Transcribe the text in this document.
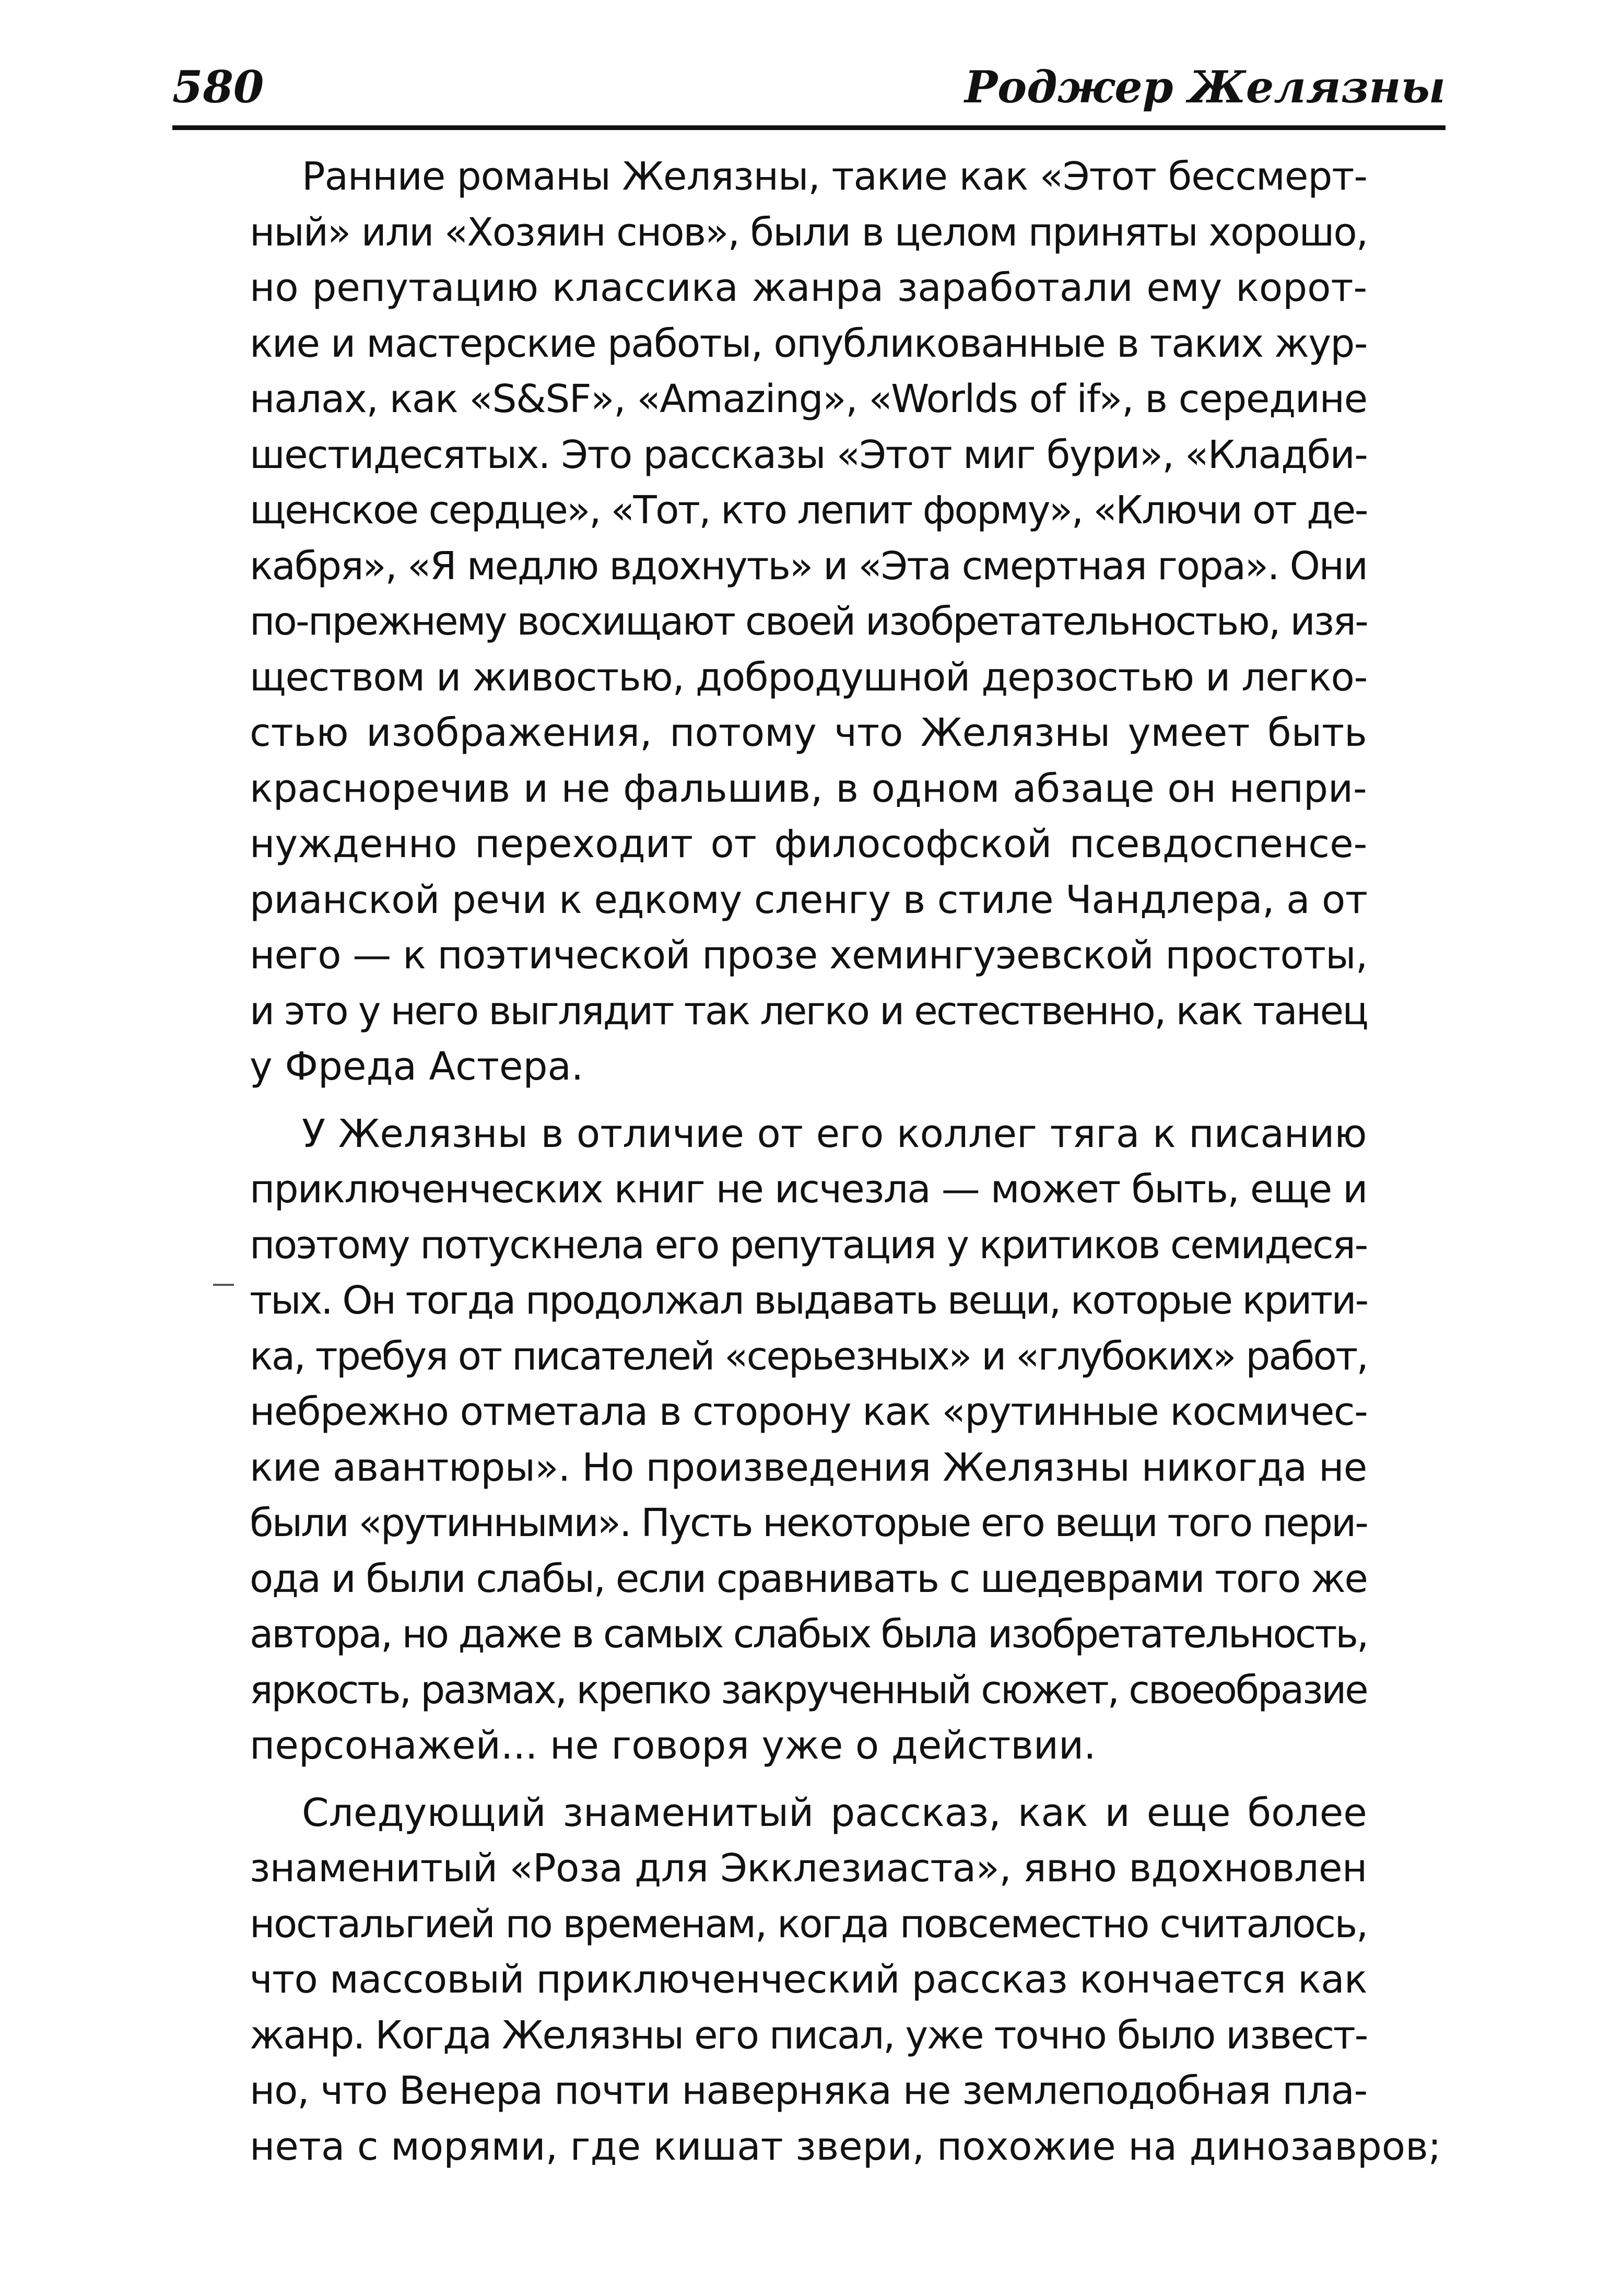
580	Роджер Желязны
Ранние романы Желязны, такие как «Этот бессмерт-
ный» или «Хозяин снов», были в целом приняты хорошо,
но репутацию классика жанра заработали ему корот-
кие и мастерские работы, опубликованные в таких жур-
налах, как «S&SF», «Amazing», «Worlds of if», в середине
шестидесятых. Это рассказы «Этот миг бури», «Кладби-
щенское сердце», «Тот, кто лепит форму», «Ключи от де-
кабря», «Я медлю вдохнуть» и «Эта смертная гора». Они
по-прежнему восхищают своей изобретательностью, изя-
ществом и живостью, добродушной дерзостью и легко-
стью изображения, потому что Желязны умеет быть
красноречив и не фальшив, в одном абзаце он непри-
нужденно переходит от философской псевдоспенсе-
рианской речи к едкому сленгу в стиле Чандлера, а от
него — к поэтической прозе хемингуэевской простоты,
и это у него выглядит так легко и естественно, как танец
у Фреда Астера.
У Желязны в отличие от его коллег тяга к писанию
приключенческих книг не исчезла — может быть, еще и
поэтому потускнела его репутация у критиков семидеся-
тых. Он тогда продолжал выдавать вещи, которые крити-
ка, требуя от писателей «серьезных» и «глубоких» работ,
небрежно отметала в сторону как «рутинные космичес-
кие авантюры». Но произведения Желязны никогда не
были «рутинными». Пусть некоторые его вещи того пери-
ода и были слабы, если сравнивать с шедеврами того же
автора, но даже в самых слабых была изобретательность,
яркость, размах, крепко закрученный сюжет, своеобразие
персонажей... не говоря уже о действии.
Следующий знаменитый рассказ, как и еще более
знаменитый «Роза для Экклезиаста», явно вдохновлен
ностальгией по временам, когда повсеместно считалось,
что массовый приключенческий рассказ кончается как
жанр. Когда Желязны его писал, уже точно было извест-
но, что Венера почти наверняка не землеподобная пла-
нета с морями, где кишат звери, похожие на динозавров;
